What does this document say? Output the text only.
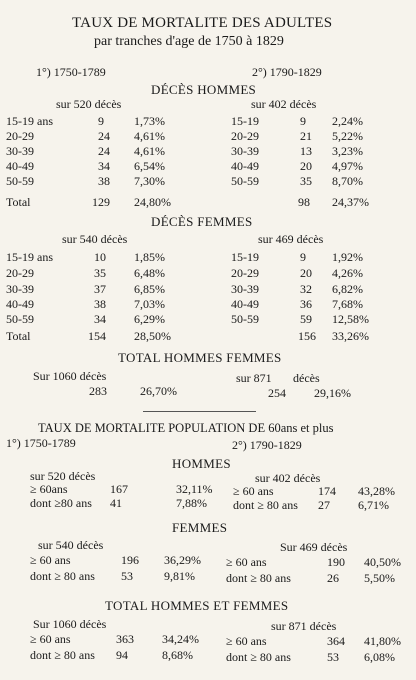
TAUX DE MORTALITE DES ADULTES
par tranches d'age de 1750 à 1829
1°) 1750-1789	2°) 1790-1829
DÉCÈS HOMMES
sur 520 décès	sur 402 décès
15-19 ans	9	1,73%
20-29	24 4,61%
30-39	24 4,61%
40-49	34 6,54%
50-59	38 7,30%
15-19	9 2,24%
20-29	21 5,22%
30-39	13 3,23%
40-49	20 4,97%
50-59	35 8,70%
Total	129 24,80%	98 24,37%
DÉCÈS FEMMES
sur 540 décès	sur 469 décès
15-19 ans	10 1,85%
20-29	35 6,48%
30-39	37 6,85%
40-49	38 7,03%
50-59	34 6,29%
15-19	9 1,92%
20-29	20 4,26%
30-39	32 6,82%
40-49	36 7,68%
50-59	59 12,58%
Total	154 28,50%	156 33,26%
TOTAL HOMMES FEMMES
Sur 1060 décès
283	26,70%
sur 871 décès
254 29,16%
TAUX DE MORTALITE POPULATION DE 60ans et plus
1°) 1750-1789	2°) 1790-1829
HOMMES
FEMMES
TOTAL HOMMES ET FEMMES
sur 520 décès	sur 402 décès
≥ 60ans	167	32,11%
dont ≥80 ans 41	7,88%
≥ 60 ans	174 43,28%
dont ≥ 80 ans 27 6,71%
sur 540 décès	Sur 469 décès
≥ 60 ans	196 36,29%
dont ≥ 80 ans 53	9,81%
≥ 60 ans	190 40,50%
dont ≥ 80 ans	26 5,50%
Sur 1060 décès	sur 871 décès
≥ 60 ans	363 34,24%
dont ≥ 80 ans 94	8,68%
≥ 60 ans	364 41,80%
dont ≥ 80 ans	53 6,08%
